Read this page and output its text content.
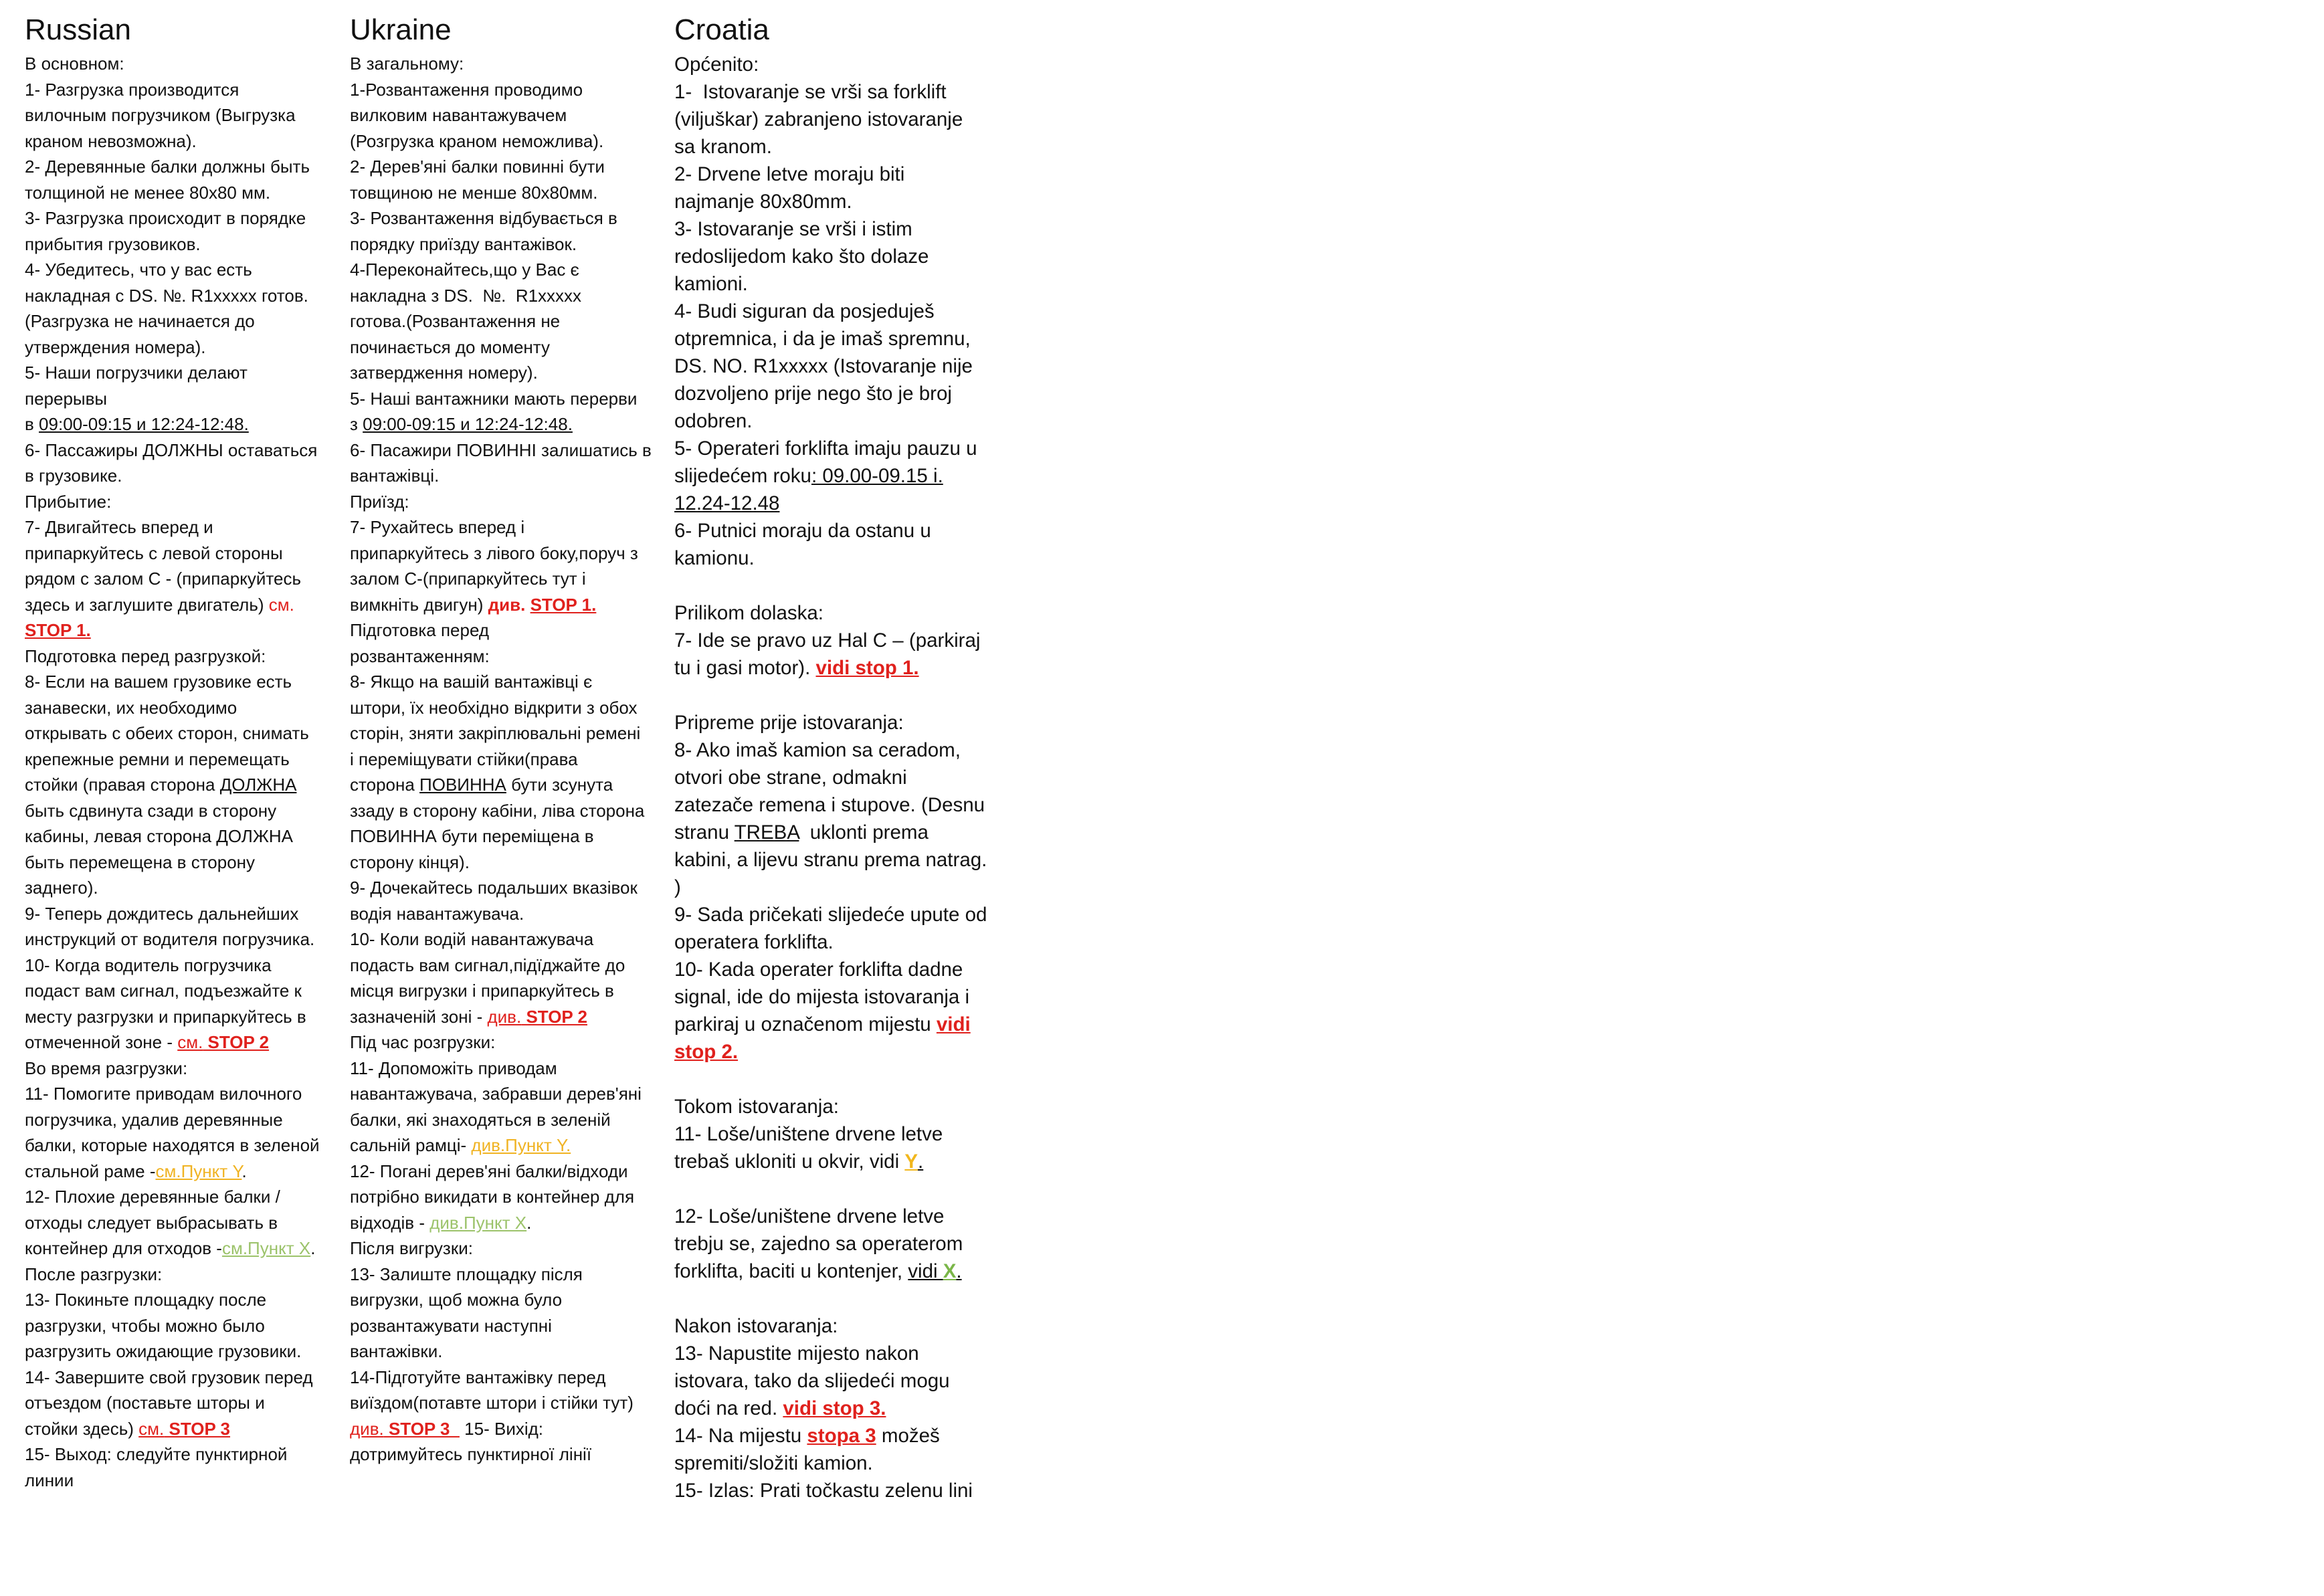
Russian
В основном:
1- Разгрузка производится
вилочным погрузчиком (Выгрузка
краном невозможна).
2- Деревянные балки должны быть
толщиной не менее 80x80 мм.
3- Разгрузка происходит в порядке
прибытия грузовиков.
4- Убедитесь, что у вас есть
накладная с DS. №. R1xxxxx готов.
(Разгрузка не начинается до
утверждения номера).
5- Наши погрузчики делают
перерывы
в 09:00-09:15 и 12:24-12:48.
6- Пассажиры ДОЛЖНЫ оставаться
в грузовике.
Прибытие:
7- Двигайтесь вперед и
припаркуйтесь с левой стороны
рядом с залом C - (припаркуйтесь
здесь и заглушите двигатель) см.
STOP 1.
Подготовка перед разгрузкой:
8- Если на вашем грузовике есть
занавески, их необходимо
открывать с обеих сторон, снимать
крепежные ремни и перемещать
стойки (правая сторона ДОЛЖНА
быть сдвинута сзади в сторону
кабины, левая сторона ДОЛЖНА
быть перемещена в сторону
заднего).
9- Теперь дождитесь дальнейших
инструкций от водителя погрузчика.
10- Когда водитель погрузчика
подаст вам сигнал, подъезжайте к
месту разгрузки и припаркуйтесь в
отмеченной зоне - см. STOP 2
Во время разгрузки:
11- Помогите приводам вилочного
погрузчика, удалив деревянные
балки, которые находятся в зеленой
стальной раме -см.Пункт Y.
12- Плохие деревянные балки /
отходы следует выбрасывать в
контейнер для отходов -см.Пункт X.
После разгрузки:
13- Покиньте площадку после
разгрузки, чтобы можно было
разгрузить ожидающие грузовики.
14- Завершите свой грузовик перед
отъездом (поставьте шторы и
стойки здесь) см. STOP 3
15- Выход: следуйте пунктирной
линии
Ukraine
В загальному:
1-Розвантаження проводимо
вилковим навантажувачем
(Розгрузка краном неможлива).
2- Дерев'яні балки повинні бути
товщиною не менше 80x80мм.
3- Розвантаження відбувається в
порядку приїзду вантажівок.
4-Переконайтесь,що у Вас є
накладна з DS.  №.  R1xxxxx
готова.(Розвантаження не
починається до моменту
затвердження номеру).
5- Наші вантажники мають перерви
з 09:00-09:15 и 12:24-12:48.
6- Пасажири ПОВИННІ залишатись в
вантажівці.
Приїзд:
7- Рухайтесь вперед і
припаркуйтесь з лівого боку,поруч з
залом C-(припаркуйтесь тут і
вимкніть двигун) див. STOP 1.
Підготовка перед
розвантаженням:
8- Якщо на вашій вантажівці є
штори, їх необхідно відкрити з обох
сторін, зняти закріплювальні ремені
і переміщувати стійки(права
сторона ПОВИННА бути зсунута
ззаду в сторону кабіни, ліва сторона
ПОВИННА бути переміщена в
сторону кінця).
9- Дочекайтесь подальших вказівок
водія навантажувача.
10- Коли водій навантажувача
подасть вам сигнал,підїджайте до
місця вигрузки і припаркуйтесь в
зазначеній зоні - див. STOP 2
Під час розгрузки:
11- Допоможіть приводам
навантажувача, забравши дерев'яні
балки, які знаходяться в зеленій
сальній рамці- див.Пункт Y.
12- Погані дерев'яні балки/відходи
потрібно викидати в контейнер для
відходів - див.Пункт X.
Після вигрузки:
13- Залиште площадку після
вигрузки, щоб можна було
розвантажувати наступні
вантажівки.
14-Підготуйте вантажівку перед
виїздом(потавте штори і стійки тут)
див. STOP 3   15- Вихід:
дотримуйтесь пунктирної лінії
Croatia
Općenito:
1-  Istovaranje se vrši sa forklift
(viljuškar) zabranjeno istovaranje
sa kranom.
2- Drvene letve moraju biti
najmanje 80x80mm.
3- Istovaranje se vrši i istim
redoslijedom kako što dolaze
kamioni.
4- Budi siguran da posjeduješ
otpremnica, i da je imaš spremnu,
DS. NO. R1xxxxx (Istovaranje nije
dozvoljeno prije nego što je broj
odobren.
5- Operateri forklifta imaju pauzu u
slijedećem roku: 09.00-09.15 i.
12.24-12.48
6- Putnici moraju da ostanu u
kamionu.
Prilikom dolaska:
7- Ide se pravo uz Hal C – (parkiraj
tu i gasi motor). vidi stop 1.
Pripreme prije istovaranja:
8- Ako imaš kamion sa ceradom,
otvori obe strane, odmakni
zatezače remena i stupove. (Desnu
stranu TREBA  uklonti prema
kabini, a lijevu stranu prema natrag.
)
9- Sada pričekati slijedeće upute od
operatera forklifta.
10- Kada operater forklifta dadne
signal, ide do mijesta istovaranja i
parkiraj u označenom mijestu vidi
stop 2.
Tokom istovaranja:
11- Loše/uništene drvene letve
trebaš ukloniti u okvir, vidi Y.
12- Loše/uništene drvene letve
trebju se, zajedno sa operaterom
forklifta, baciti u kontenjer, vidi X.
Nakon istovaranja:
13- Napustite mijesto nakon
istovara, tako da slijedeći mogu
doći na red. vidi stop 3.
14- Na mijestu stopa 3 možeš
spremiti/složiti kamion.
15- Izlas: Prati točkastu zelenu lini
